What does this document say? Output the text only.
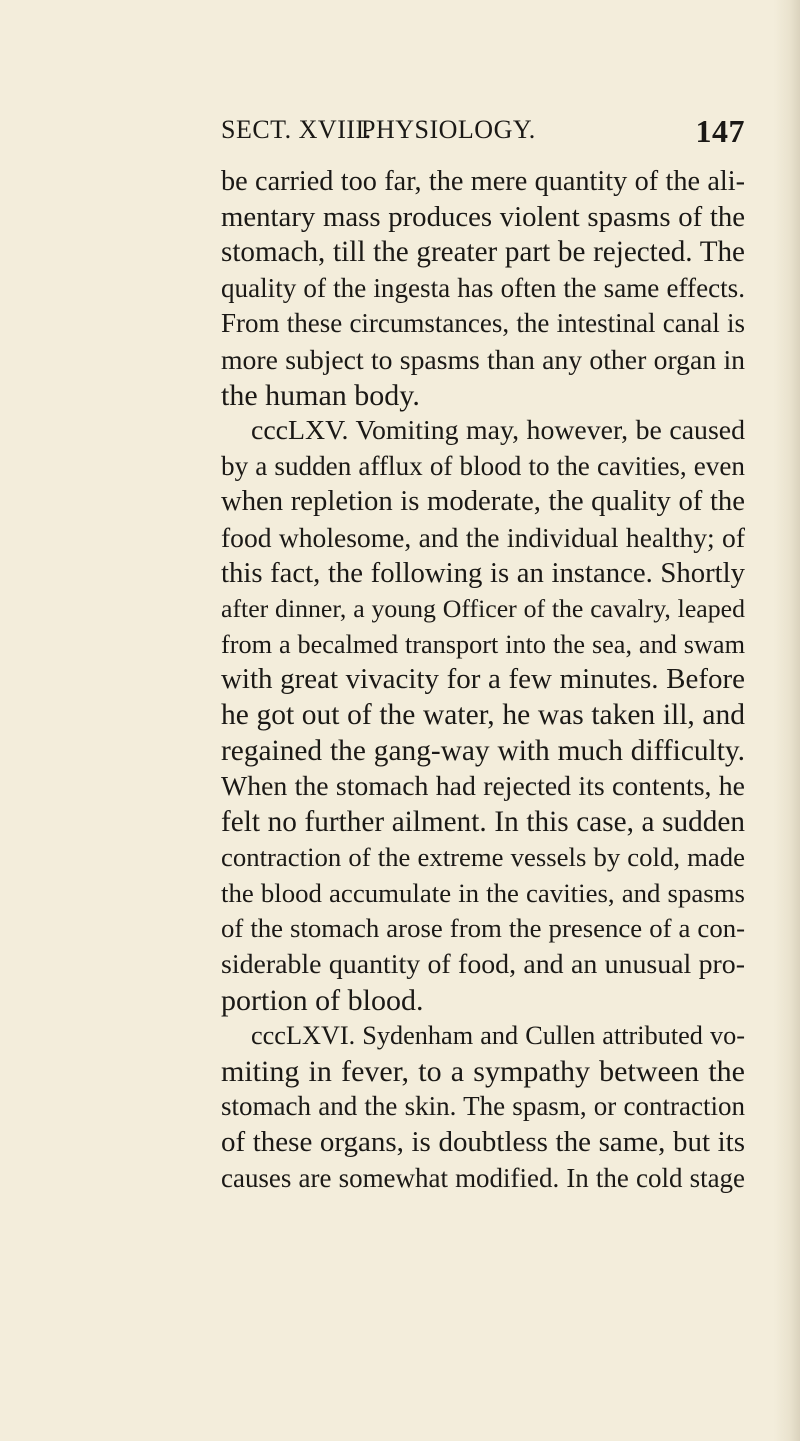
SECT. XVIII.
PHYSIOLOGY.	147
be carried too far, the mere quantity of the ali-
mentary mass produces violent spasms of the
stomach, till the greater part be rejected. The
quality of the ingesta has often the same effects.
From these circumstances, the intestinal canal is
more subject to spasms than any other organ in
the human body.
cccLXV. Vomiting may, however, be caused
by a sudden afflux of blood to the cavities, even
when repletion is moderate, the quality of the
food wholesome, and the individual healthy; of
this fact, the following is an instance. Shortly
after dinner, a young Officer of the cavalry, leaped
from a becalmed transport into the sea, and swam
with great vivacity for a few minutes. Before
he got out of the water, he was taken ill, and
regained the gang-way with much difficulty.
When the stomach had rejected its contents, he
felt no further ailment. In this case, a sudden
contraction of the extreme vessels by cold, made
the blood accumulate in the cavities, and spasms
of the stomach arose from the presence of a con-
siderable quantity of food, and an unusual pro-
portion of blood.
cccLXVI. Sydenham and Cullen attributed vo-
miting in fever, to a sympathy between the
stomach and the skin. The spasm, or contraction
of these organs, is doubtless the same, but its
causes are somewhat modified. In the cold stage
